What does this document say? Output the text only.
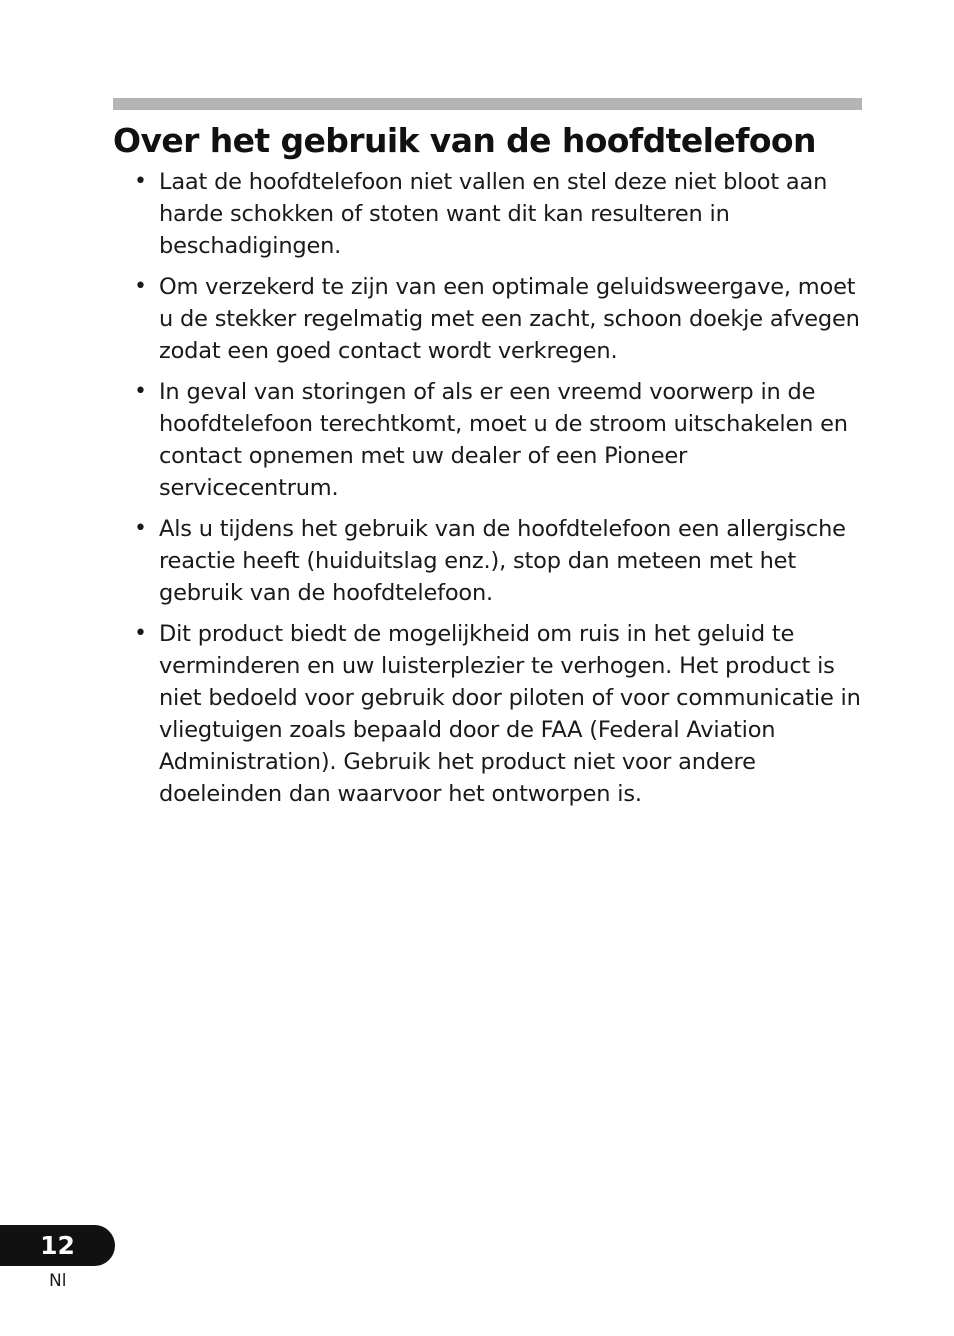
Over het gebruik van de hoofdtelefoon
• Laat de hoofdtelefoon niet vallen en stel deze niet bloot aan harde schokken of stoten want dit kan resulteren in beschadigingen.
• Om verzekerd te zijn van een optimale geluidsweergave, moet u de stekker regelmatig met een zacht, schoon doekje afvegen zodat een goed contact wordt verkregen.
• In geval van storingen of als er een vreemd voorwerp in de hoofdtelefoon terechtkomt, moet u de stroom uitschakelen en contact opnemen met uw dealer of een Pioneer servicecentrum.
• Als u tijdens het gebruik van de hoofdtelefoon een allergische reactie heeft (huiduitslag enz.), stop dan meteen met het gebruik van de hoofdtelefoon.
• Dit product biedt de mogelijkheid om ruis in het geluid te verminderen en uw luisterplezier te verhogen. Het product is niet bedoeld voor gebruik door piloten of voor communicatie in vliegtuigen zoals bepaald door de FAA (Federal Aviation Administration). Gebruik het product niet voor andere doeleinden dan waarvoor het ontworpen is.
12
Nl
